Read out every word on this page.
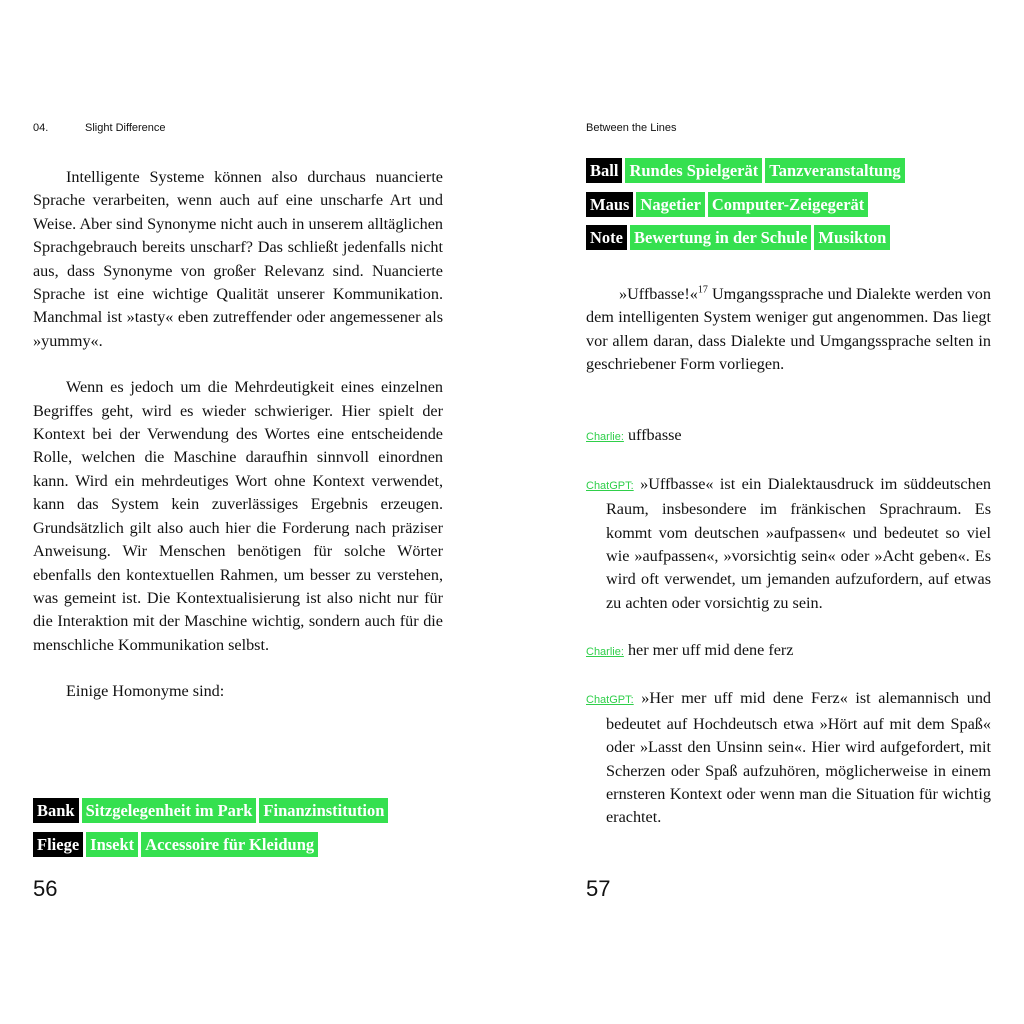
04.	Slight Difference

Intelligente Systeme können also durchaus nuancierte Sprache verarbeiten, wenn auch auf eine unscharfe Art und Weise. Aber sind Synonyme nicht auch in unserem alltäglichen Sprachgebrauch bereits unscharf? Das schließt jedenfalls nicht aus, dass Synonyme von großer Relevanz sind. Nuancierte Sprache ist eine wichtige Qualität unserer Kommunikation. Manchmal ist »tasty« eben zutreffender oder angemessener als »yummy«.

Wenn es jedoch um die Mehrdeutigkeit eines einzelnen Begriffes geht, wird es wieder schwieriger. Hier spielt der Kontext bei der Verwendung des Wortes eine entscheidende Rolle, welchen die Maschine daraufhin sinnvoll einordnen kann. Wird ein mehrdeutiges Wort ohne Kontext verwendet, kann das System kein zuverlässiges Ergebnis erzeugen. Grundsätzlich gilt also auch hier die Forderung nach präziser Anweisung. Wir Menschen benötigen für solche Wörter ebenfalls den kontextuellen Rahmen, um besser zu verstehen, was gemeint ist. Die Kontextualisierung ist also nicht nur für die Interaktion mit der Maschine wichtig, sondern auch für die menschliche Kommunikation selbst.

Einige Homonyme sind:

Bank Sitzgelegenheit im Park Finanzinstitution
Fliege Insekt Accessoire für Kleidung
56
Between the Lines
Ball Rundes Spielgerät Tanzveranstaltung
Maus Nagetier Computer-Zeigegerät
Note Bewertung in der Schule Musikton

»Uffbasse!«$^{17}$ Umgangssprache und Dialekte werden von dem intelligenten System weniger gut angenommen. Das liegt vor allem daran, dass Dialekte und Umgangssprache selten in geschriebener Form vorliegen.

Charlie: uffbasse
ChatGPT: »Uffbasse« ist ein Dialektausdruck im süddeutschen Raum, insbesondere im fränkischen Sprachraum. Es kommt vom deutschen »aufpassen« und bedeutet so viel wie »aufpassen«, »vorsichtig sein« oder »Acht geben«. Es wird oft verwendet, um jemanden aufzufordern, auf etwas zu achten oder vorsichtig zu sein.
Charlie: her mer uff mid dene ferz
ChatGPT: »Her mer uff mid dene Ferz« ist alemannisch und bedeutet auf Hochdeutsch etwa »Hört auf mit dem Spaß« oder »Lasst den Unsinn sein«. Hier wird aufgefordert, mit Scherzen oder Spaß aufzuhören, möglicherweise in einem ernsteren Kontext oder wenn man die Situation für wichtig erachtet.
57
